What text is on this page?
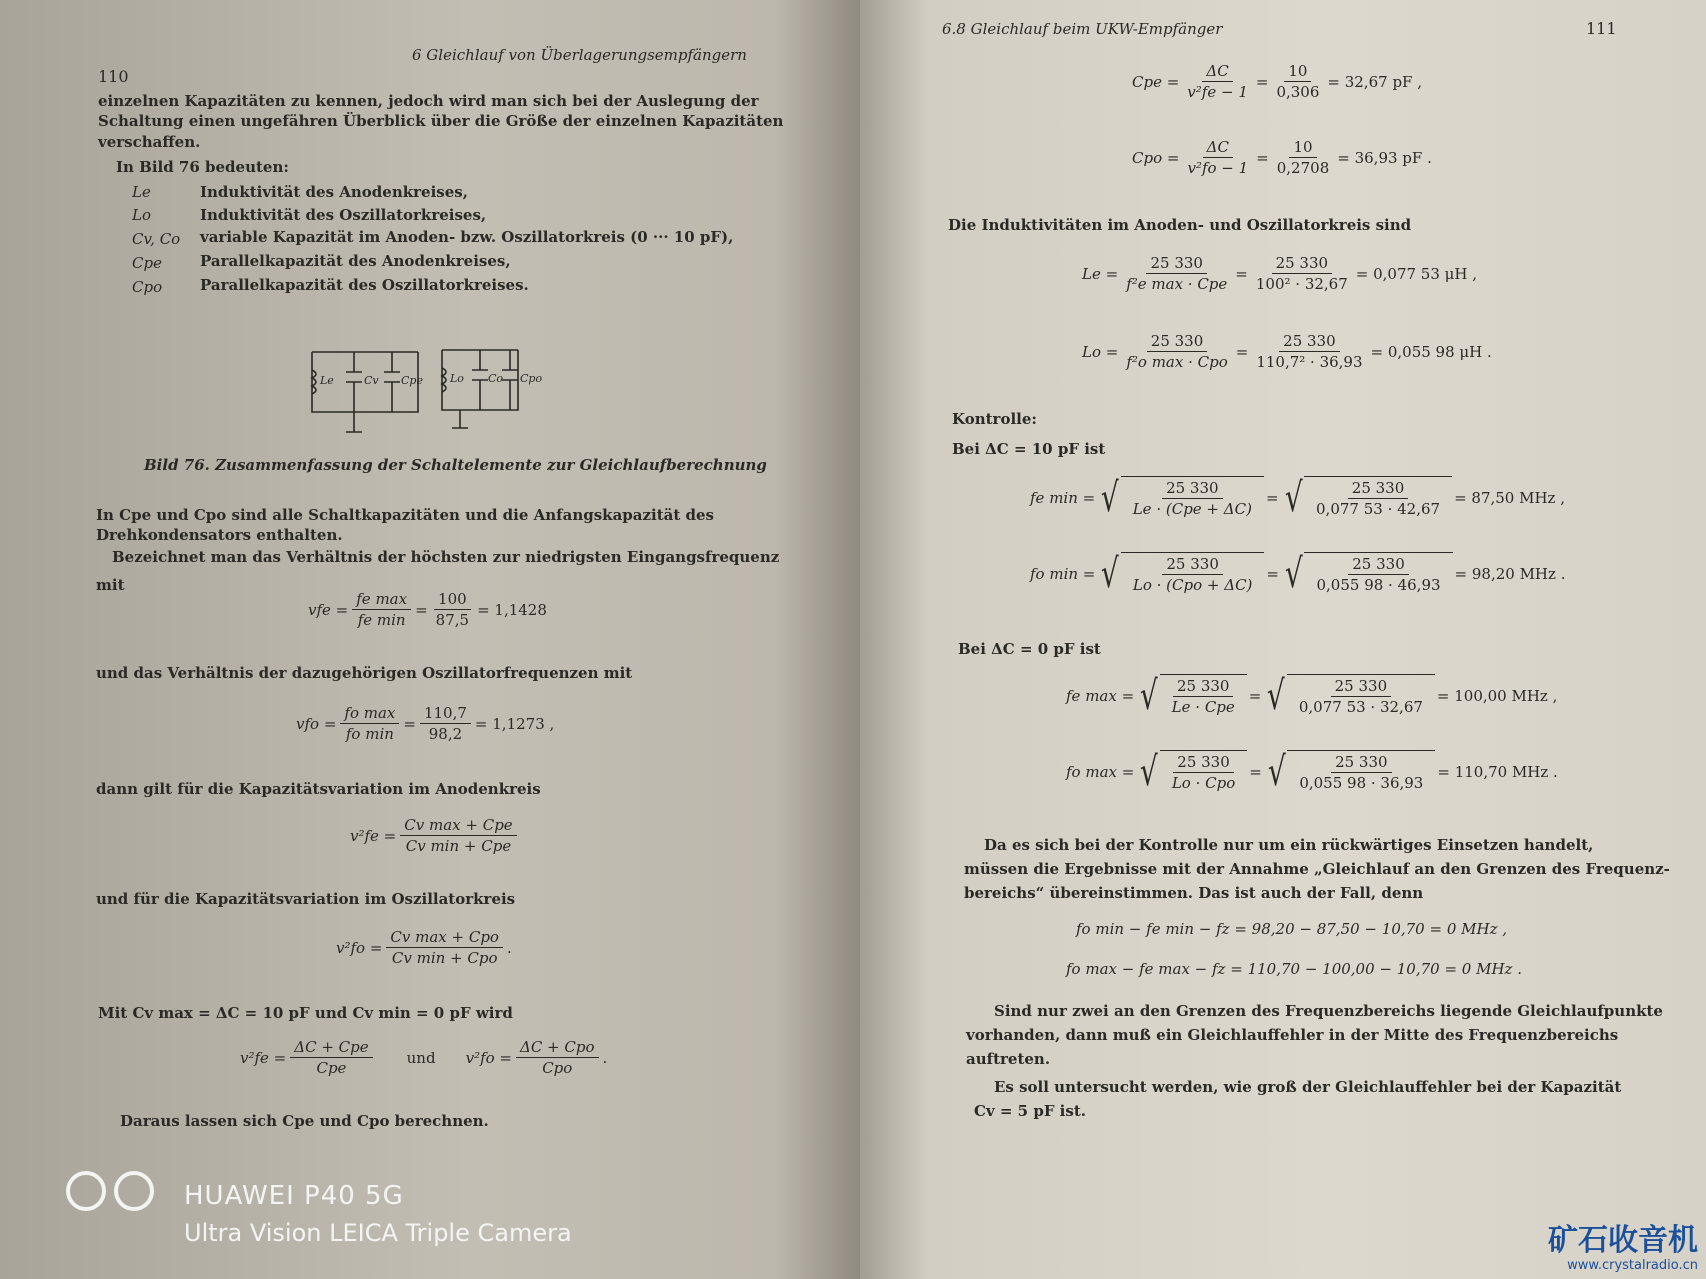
110
6 Gleichlauf von Überlagerungsempfängern
einzelnen Kapazitäten zu kennen, jedoch wird man sich bei der Auslegung der
Schaltung einen ungefähren Überblick über die Größe der einzelnen Kapazitäten
verschaffen.
In Bild 76 bedeuten:
Le	Induktivität des Anodenkreises,
Lo	Induktivität des Oszillatorkreises,
Cv, Co variable Kapazität im Anoden- bzw. Oszillatorkreis (0 ··· 10 pF),
Cpe	Parallelkapazität des Anodenkreises,
Cpo	Parallelkapazität des Oszillatorkreises.
Le	Cv Cpe Lo Co Cpo
Bild 76. Zusammenfassung der Schaltelemente zur Gleichlaufberechnung
In Cpe und Cpo sind alle Schaltkapazitäten und die Anfangskapazität des
Drehkondensators enthalten.
Bezeichnet man das Verhältnis der höchsten zur niedrigsten Eingangsfrequenz
mit
vfe = $\frac{\text{fe max}}{\text{fe min}} = \frac{100}{87,5} = 1,1428$
und das Verhältnis der dazugehörigen Oszillatorfrequenzen mit
vfo = $\frac{\text{fo max}}{\text{fo min}} = \frac{110,7}{98,2} = 1,1273$ ,
dann gilt für die Kapazitätsvariation im Anodenkreis
$v^2fe = \frac{\text{Cv max + Cpe}}{\text{Cv min + Cpe}}$
und für die Kapazitätsvariation im Oszillatorkreis
$v^2fo = \frac{\text{Cv max + Cpo}}{\text{Cv min + Cpo}}$ .
Mit Cv max = ΔC = 10 pF und Cv min = 0 pF wird
$v^2fe = \frac{\text{ΔC + Cpe}}{\text{Cpe}}$ und $v^2fo = \frac{\text{ΔC + Cpo}}{\text{Cpo}}$ .
Daraus lassen sich Cpe und Cpo berechnen.
HUAWEI P40 5G
Ultra Vision LEICA Triple Camera
6.8 Gleichlauf beim UKW-Empfänger	111
Cpe = $\frac{\Delta C}{\text{v²fe − 1}} = \frac{10}{0,306} = 32,67$ pF ,
Cpo = $\frac{\Delta C}{\text{v²fo − 1}} = \frac{10}{0,2708} = 36,93$ pF .
Die Induktivitäten im Anoden- und Oszillatorkreis sind
$Le = \frac{25 330}{\text{f²e max · Cpe}} = \frac{25 330}{\text{100² · 32,67}} = 0,077$ 53 μH ,
$Lo = \frac{25 330}{\text{f²o max · Cpo}} = \frac{25 330}{\text{110,7² · 36,93}} = 0,055$ 98 μH .
Kontrolle:
Bei ΔC = 10 pF ist
fe min = √ $\frac{25 330}{\text{Le · (Cpe + ΔC)}}$ = √ $\frac{25 330}{0,077 53 \cdot 42,67} = 87,50$ MHz ,
fo min = √ $\frac{25 330}{\text{Lo · (Cpo + ΔC)}}$ = √ $\frac{25 330}{0,055 98 \cdot 46,93} = 98,20$ MHz .
Bei ΔC = 0 pF ist
fe max = √ $\frac{25 330}{\text{Le · Cpe}}$ = √ $\frac{25 330}{0,077 53 \cdot 32,67} = 100,00$ MHz ,
fo max = √ $\frac{25 330}{\text{Lo · Cpo}}$ = √ $\frac{25 330}{0,055 98 \cdot 36,93} = 110,70$ MHz .
Da es sich bei der Kontrolle nur um ein rückwärtiges Einsetzen handelt,
müssen die Ergebnisse mit der Annahme „Gleichlauf an den Grenzen des Frequenz-
bereichs“ übereinstimmen. Das ist auch der Fall, denn
fo min − fe min − fz = 98,20 − 87,50 − 10,70 = 0 MHz ,
fo max − fe max − fz = 110,70 − 100,00 − 10,70 = 0 MHz .
Sind nur zwei an den Grenzen des Frequenzbereichs liegende Gleichlaufpunkte
vorhanden, dann muß ein Gleichlauffehler in der Mitte des Frequenzbereichs
auftreten.
Es soll untersucht werden, wie groß der Gleichlauffehler bei der Kapazität
Cv = 5 pF ist.
矿石收音机
www.crystalradio.cn
